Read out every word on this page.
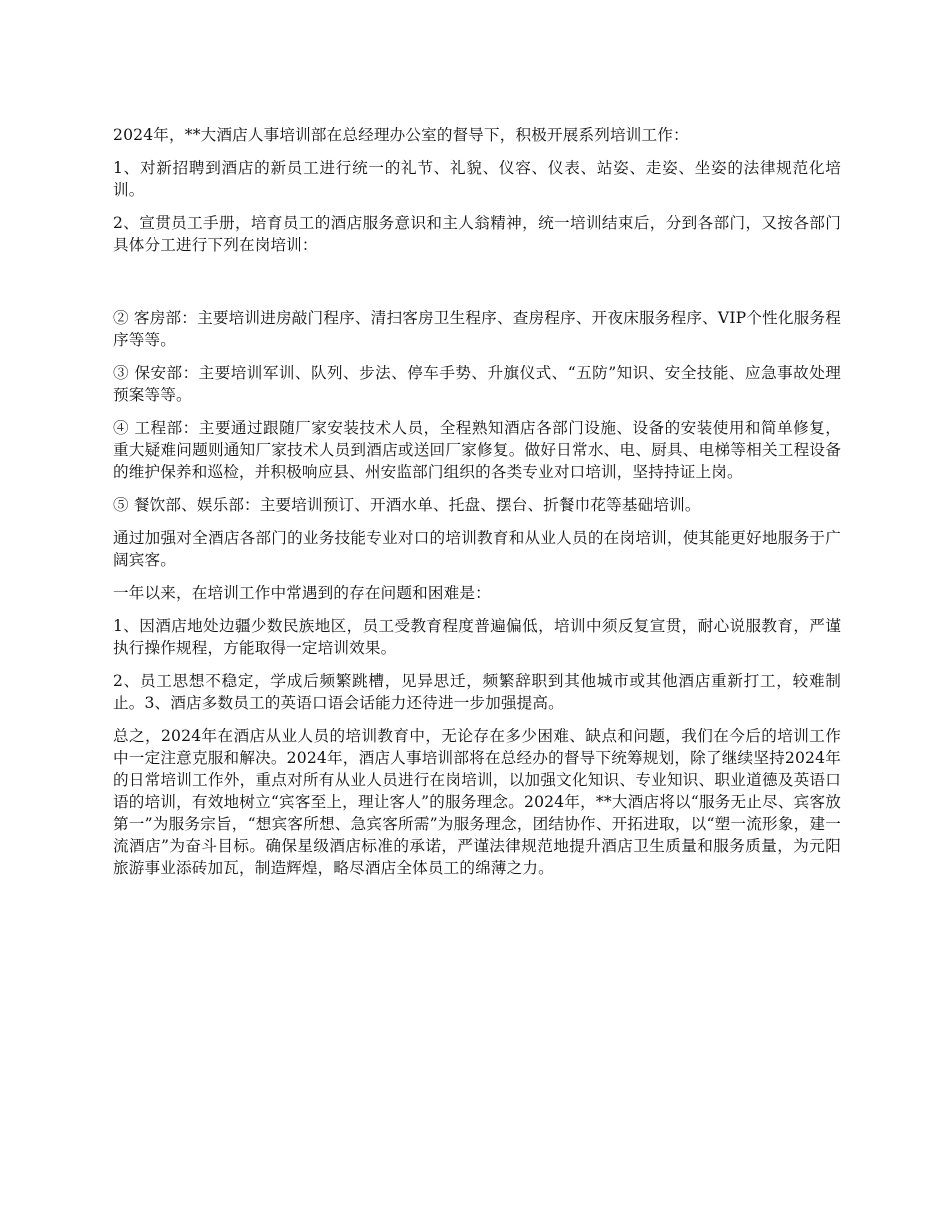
2024年，**大酒店人事培训部在总经理办公室的督导下，积极开展系列培训工作：

1、对新招聘到酒店的新员工进行统一的礼节、礼貌、仪容、仪表、站姿、走姿、坐姿的法律规范化培训。

2、宣贯员工手册，培育员工的酒店服务意识和主人翁精神，统一培训结束后，分到各部门，又按各部门具体分工进行下列在岗培训：

② 客房部：主要培训进房敲门程序、清扫客房卫生程序、查房程序、开夜床服务程序、VIP个性化服务程序等等。

③ 保安部：主要培训军训、队列、步法、停车手势、升旗仪式、“五防”知识、安全技能、应急事故处理预案等等。

④ 工程部：主要通过跟随厂家安装技术人员，全程熟知酒店各部门设施、设备的安装使用和简单修复，重大疑难问题则通知厂家技术人员到酒店或送回厂家修复。做好日常水、电、厨具、电梯等相关工程设备的维护保养和巡检，并积极响应县、州安监部门组织的各类专业对口培训，坚持持证上岗。

⑤ 餐饮部、娱乐部：主要培训预订、开酒水单、托盘、摆台、折餐巾花等基础培训。

通过加强对全酒店各部门的业务技能专业对口的培训教育和从业人员的在岗培训，使其能更好地服务于广阔宾客。

一年以来，在培训工作中常遇到的存在问题和困难是：

1、因酒店地处边疆少数民族地区，员工受教育程度普遍偏低，培训中须反复宣贯，耐心说服教育，严谨执行操作规程，方能取得一定培训效果。

2、员工思想不稳定，学成后频繁跳槽，见异思迁，频繁辞职到其他城市或其他酒店重新打工，较难制止。3、酒店多数员工的英语口语会话能力还待进一步加强提高。

总之，2024年在酒店从业人员的培训教育中，无论存在多少困难、缺点和问题，我们在今后的培训工作中一定注意克服和解决。2024年，酒店人事培训部将在总经办的督导下统筹规划，除了继续坚持2024年的日常培训工作外，重点对所有从业人员进行在岗培训，以加强文化知识、专业知识、职业道德及英语口语的培训，有效地树立“宾客至上，理让客人”的服务理念。2024年，**大酒店将以“服务无止尽、宾客放第一”为服务宗旨，“想宾客所想、急宾客所需”为服务理念，团结协作、开拓进取，以“塑一流形象，建一流酒店”为奋斗目标。确保星级酒店标准的承诺，严谨法律规范地提升酒店卫生质量和服务质量，为元阳旅游事业添砖加瓦，制造辉煌，略尽酒店全体员工的绵薄之力。
